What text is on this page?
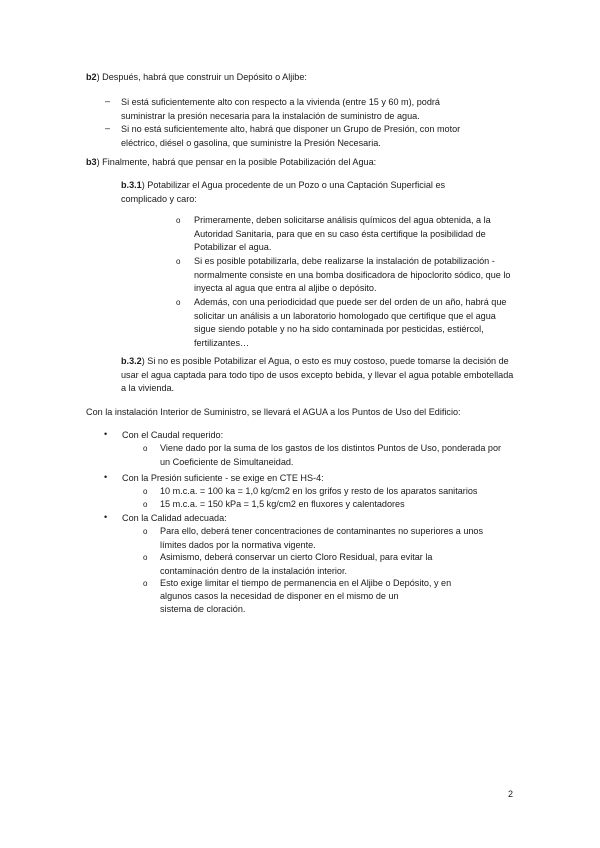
b2) Después, habrá que construir un Depósito o Aljibe:
– Si está suficientemente alto con respecto a la vivienda (entre 15 y 60 m), podrá suministrar la presión necesaria para la instalación de suministro de agua.
– Si no está suficientemente alto, habrá que disponer un Grupo de Presión, con motor eléctrico, diésel o gasolina, que suministre la Presión Necesaria.
b3) Finalmente, habrá que pensar en la posible Potabilización del Agua:
b.3.1) Potabilizar el Agua procedente de un Pozo o una Captación Superficial es complicado y caro:
o Primeramente, deben solicitarse análisis químicos del agua obtenida, a la Autoridad Sanitaria, para que en su caso ésta certifique la posibilidad de Potabilizar el agua.
o Si es posible potabilizarla, debe realizarse la instalación de potabilización - normalmente consiste en una bomba dosificadora de hipoclorito sódico, que lo inyecta al agua que entra al aljibe o depósito.
o Además, con una periodicidad que puede ser del orden de un año, habrá que solicitar un análisis a un laboratorio homologado que certifique que el agua sigue siendo potable y no ha sido contaminada por pesticidas, estiércol, fertilizantes…
b.3.2) Si no es posible Potabilizar el Agua, o esto es muy costoso, puede tomarse la decisión de usar el agua captada para todo tipo de usos excepto bebida, y llevar el agua potable embotellada a la vivienda.
Con la instalación Interior de Suministro, se llevará el AGUA a los Puntos de Uso del Edificio:
• Con el Caudal requerido:
o Viene dado por la suma de los gastos de los distintos Puntos de Uso, ponderada por un Coeficiente de Simultaneidad.
• Con la Presión suficiente - se exige en CTE HS-4:
o 10 m.c.a. = 100 ka = 1,0 kg/cm2 en los grifos y resto de los aparatos sanitarios
o 15 m.c.a. = 150 kPa = 1,5 kg/cm2 en fluxores y calentadores
• Con la Calidad adecuada:
o Para ello, deberá tener concentraciones de contaminantes no superiores a unos límites dados por la normativa vigente.
o Asimismo, deberá conservar un cierto Cloro Residual, para evitar la contaminación dentro de la instalación interior.
o Esto exige limitar el tiempo de permanencia en el Aljibe o Depósito, y en
algunos casos la necesidad de disponer en el mismo de un
sistema de cloración.
2
